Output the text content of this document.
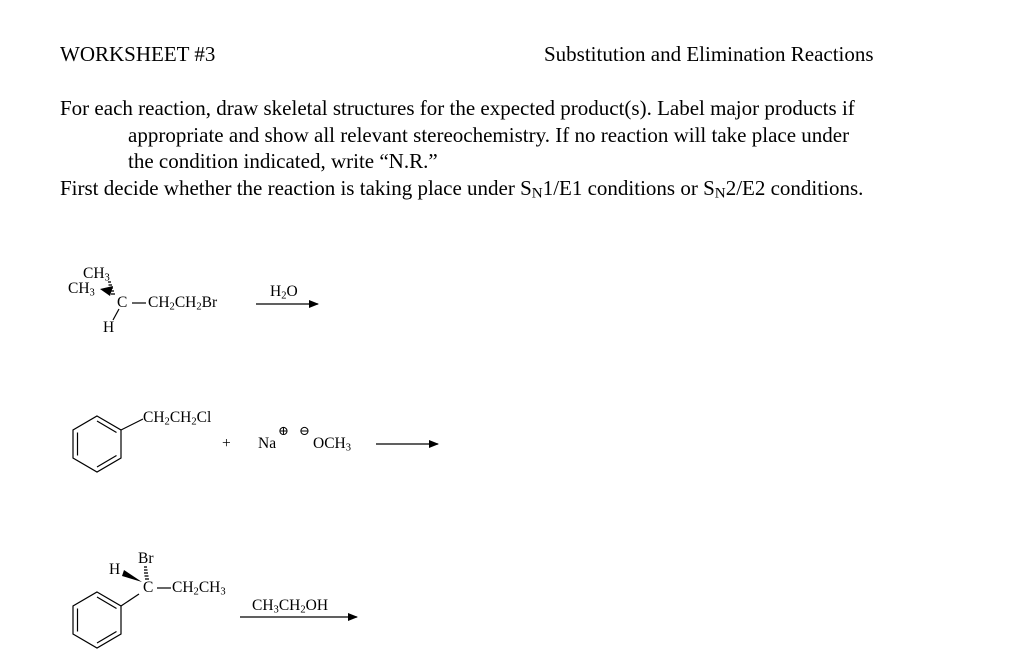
WORKSHEET #3	Substitution and Elimination Reactions
For each reaction, draw skeletal structures for the expected product(s). Label major products if
appropriate and show all relevant stereochemistry. If no reaction will take place under
the condition indicated, write “N.R.”
First decide whether the reaction is taking place under SN1/E1 conditions or SN2/E2 conditions.
$CH_3$
$CH_3$
C $CH_2CH_2Br$
H
$H_2O$
$CH_2CH_2Cl$
+ Na
⊕ ⊖
$OCH_3$
Br
H
C $CH_2CH_3$
$CH_3CH_2OH$
